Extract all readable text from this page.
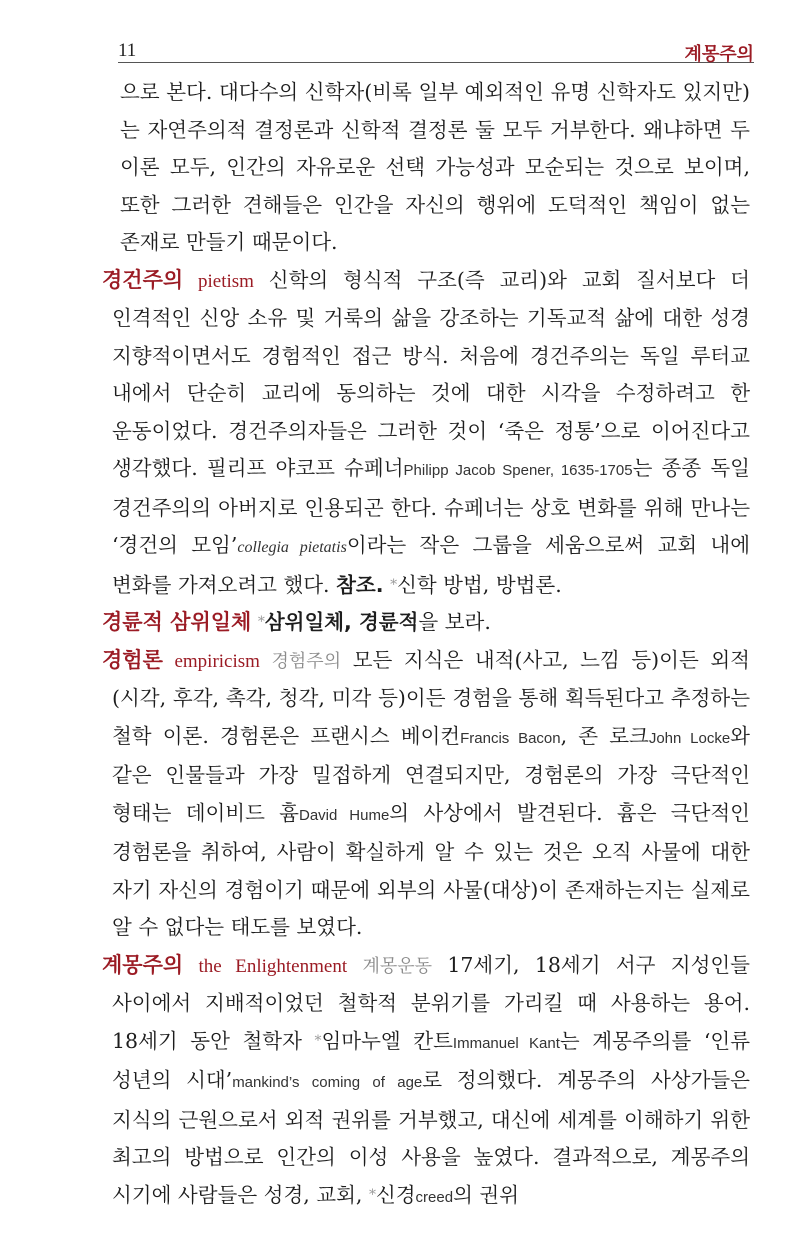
11	계몽주의

으로 본다. 대다수의 신학자(비록 일부 예외적인 유명 신학자도 있지만)는 자연주의적 결정론과 신학적 결정론 둘 모두 거부한다. 왜냐하면 두 이론 모두, 인간의 자유로운 선택 가능성과 모순되는 것으로 보이며, 또한 그러한 견해들은 인간을 자신의 행위에 도덕적인 책임이 없는 존재로 만들기 때문이다.

경건주의 pietism 신학의 형식적 구조(즉 교리)와 교회 질서보다 더 인격적인 신앙 소유 및 거룩의 삶을 강조하는 기독교적 삶에 대한 성경 지향적이면서도 경험적인 접근 방식. 처음에 경건주의는 독일 루터교 내에서 단순히 교리에 동의하는 것에 대한 시각을 수정하려고 한 운동이었다. 경건주의자들은 그러한 것이 ‘죽은 정통’으로 이어진다고 생각했다. 필리프 야코프 슈페너Philipp Jacob Spener, 1635-1705는 종종 독일 경건주의의 아버지로 인용되곤 한다. 슈페너는 상호 변화를 위해 만나는 ‘경건의 모임’collegia pietatis이라는 작은 그룹을 세움으로써 교회 내에 변화를 가져오려고 했다. 참조. *신학 방법, 방법론.

경륜적 삼위일체 *삼위일체, 경륜적을 보라.

경험론 empiricism 경험주의 모든 지식은 내적(사고, 느낌 등)이든 외적(시각, 후각, 촉각, 청각, 미각 등)이든 경험을 통해 획득된다고 추정하는 철학 이론. 경험론은 프랜시스 베이컨Francis Bacon, 존 로크John Locke와 같은 인물들과 가장 밀접하게 연결되지만, 경험론의 가장 극단적인 형태는 데이비드 흄David Hume의 사상에서 발견된다. 흄은 극단적인 경험론을 취하여, 사람이 확실하게 알 수 있는 것은 오직 사물에 대한 자기 자신의 경험이기 때문에 외부의 사물(대상)이 존재하는지는 실제로 알 수 없다는 태도를 보였다.

계몽주의 the Enlightenment 계몽운동 17세기, 18세기 서구 지성인들 사이에서 지배적이었던 철학적 분위기를 가리킬 때 사용하는 용어. 18세기 동안 철학자 *임마누엘 칸트Immanuel Kant는 계몽주의를 ‘인류 성년의 시대’mankind’s coming of age로 정의했다. 계몽주의 사상가들은 지식의 근원으로서 외적 권위를 거부했고, 대신에 세계를 이해하기 위한 최고의 방법으로 인간의 이성 사용을 높였다. 결과적으로, 계몽주의 시기에 사람들은 성경, 교회, *신경creed의 권위
